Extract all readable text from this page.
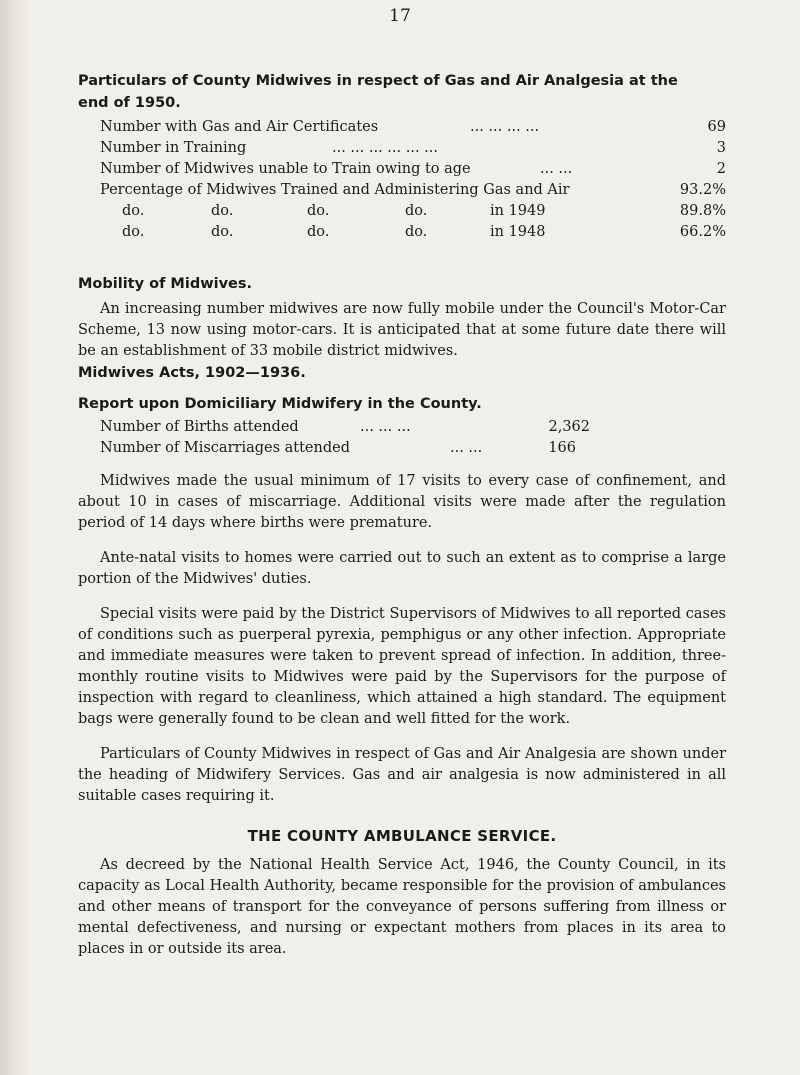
17
Particulars of County Midwives in respect of Gas and Air Analgesia at the
end of 1950.
Number with Gas and Air Certificates	... ... ... ...	69
Number in Training	... ... ... ... ... ...	3
Number of Midwives unable to Train owing to age	... ...	2
Percentage of Midwives Trained and Administering Gas and Air	93.2%
do.	do.	do.	do.	in 1949	89.8%
do.	do.	do.	do.	in 1948	66.2%
Mobility of Midwives.

An increasing number midwives are now fully mobile under the Council's Motor-Car Scheme, 13 now using motor-cars. It is anticipated that at some future date there will be an establishment of 33 mobile district midwives.

Midwives Acts, 1902—1936.
Report upon Domiciliary Midwifery in the County.
Number of Births attended	... ... ...	2,362
Number of Miscarriages attended	... ...	166

Midwives made the usual minimum of 17 visits to every case of confinement, and about 10 in cases of miscarriage. Additional visits were made after the regulation period of 14 days where births were premature.

Ante-natal visits to homes were carried out to such an extent as to comprise a large portion of the Midwives' duties.

Special visits were paid by the District Supervisors of Midwives to all reported cases of conditions such as puerperal pyrexia, pemphigus or any other infection. Appropriate and immediate measures were taken to prevent spread of infection. In addition, three-monthly routine visits to Midwives were paid by the Supervisors for the purpose of inspection with regard to cleanliness, which attained a high standard. The equipment bags were generally found to be clean and well fitted for the work.

Particulars of County Midwives in respect of Gas and Air Analgesia are shown under the heading of Midwifery Services. Gas and air analgesia is now administered in all suitable cases requiring it.

THE COUNTY AMBULANCE SERVICE.

As decreed by the National Health Service Act, 1946, the County Council, in its capacity as Local Health Authority, became responsible for the provision of ambulances and other means of transport for the conveyance of persons suffering from illness or mental defectiveness, and nursing or expectant mothers from places in its area to places in or outside its area.
